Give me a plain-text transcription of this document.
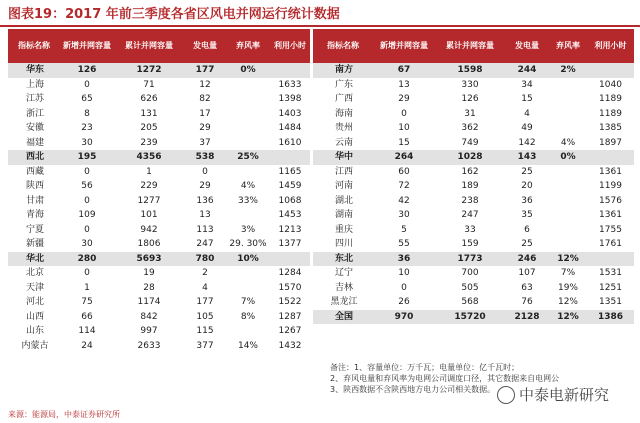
图表19：2017 年前三季度各省区风电并网运行统计数据
指标名称	新增并网容量	累计并网容量	发电量	弃风率	利用小时
华东	126	1272	177	0%	
上海	0	71	12		1633
江苏	65	626	82		1398
浙江	8	131	17		1403
安徽	23	205	29		1484
福建	30	239	37		1610
西北	195	4356	538	25%	
西藏	0	1	0		1165
陕西	56	229	29	4%	1459
甘肃	0	1277	136	33%	1068
青海	109	101	13		1453
宁夏	0	942	113	3%	1213
新疆	30	1806	247	29. 30%	1377
华北	280	5693	780	10%	
北京	0	19	2		1284
天津	1	28	4		1570
河北	75	1174	177	7%	1522
山西	66	842	105	8%	1287
山东	114	997	115		1267
内蒙古	24	2633	377	14%	1432
指标名称	新增并网容量	累计并网容量	发电量	弃风率	利用小时
南方	67	1598	244	2%	
广东	13	330	34		1040
广西	29	126	15		1189
海南	0	31	4		1189
贵州	10	362	49		1385
云南	15	749	142	4%	1897
华中	264	1028	143	0%	
江西	60	162	25		1361
河南	72	189	20		1199
湖北	42	238	36		1576
湖南	30	247	35		1361
重庆	5	33	6		1755
四川	55	159	25		1761
东北	36	1773	246	12%	
辽宁	10	700	107	7%	1531
吉林	0	505	63	19%	1251
黑龙江	26	568	76	12%	1351
全国	970	15720	2128	12%	1386
备注：1、容量单位：万千瓦；电量单位：亿千瓦时；
2、弃风电量和弃风率为电网公司调度口径，其它数据来自电网公
3、陕西数据不含陕西地方电力公司相关数据。	中泰电新研究
来源：能源局，中泰证券研究所
